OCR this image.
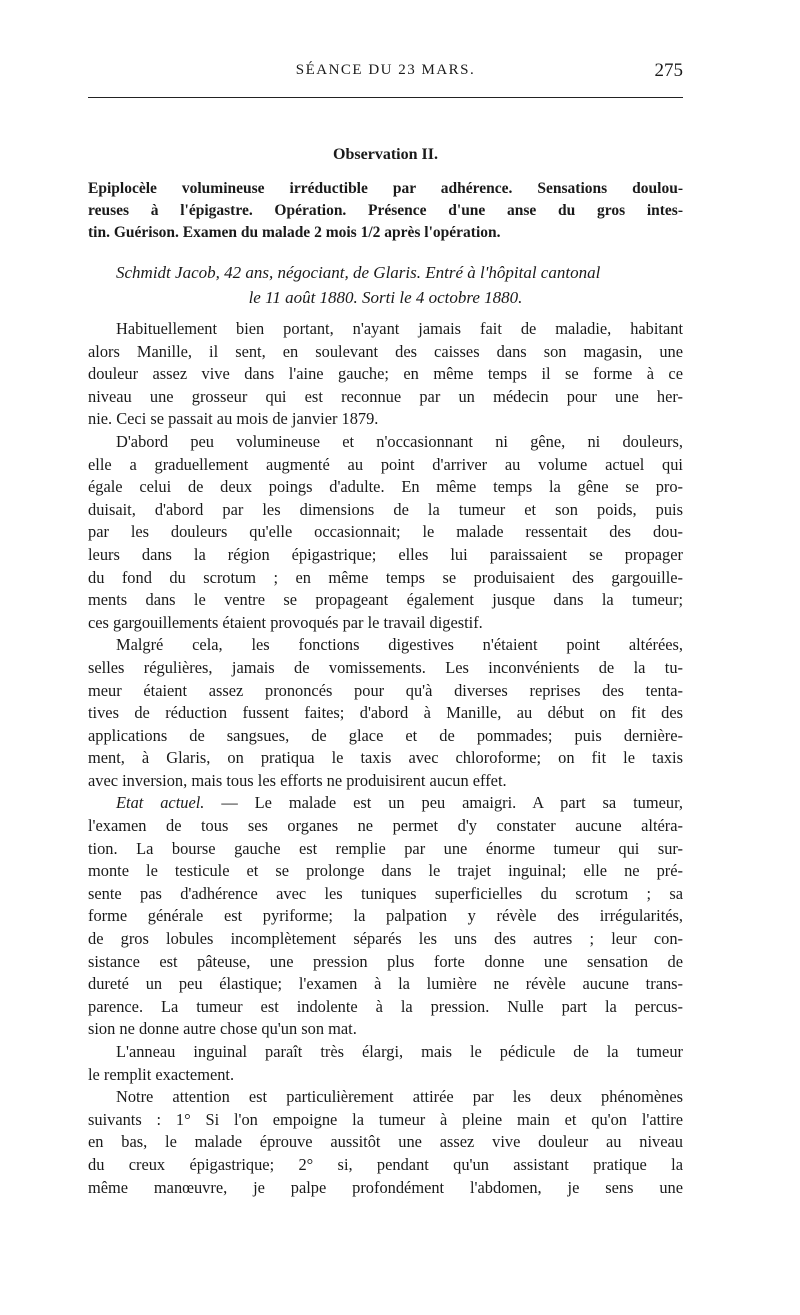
SÉANCE DU 23 MARS.	275
Observation II.
Epiplocèle volumineuse irréductible par adhérence. Sensations doulou-
reuses à l'épigastre. Opération. Présence d'une anse du gros intes-
tin. Guérison. Examen du malade 2 mois 1/2 après l'opération.
Schmidt Jacob, 42 ans, négociant, de Glaris. Entré à l'hôpital cantonal
le 11 août 1880. Sorti le 4 octobre 1880.
Habituellement bien portant, n'ayant jamais fait de maladie, habitant
alors Manille, il sent, en soulevant des caisses dans son magasin, une
douleur assez vive dans l'aine gauche; en même temps il se forme à ce
niveau une grosseur qui est reconnue par un médecin pour une her-
nie. Ceci se passait au mois de janvier 1879.
D'abord peu volumineuse et n'occasionnant ni gêne, ni douleurs,
elle a graduellement augmenté au point d'arriver au volume actuel qui
égale celui de deux poings d'adulte. En même temps la gêne se pro-
duisait, d'abord par les dimensions de la tumeur et son poids, puis
par les douleurs qu'elle occasionnait; le malade ressentait des dou-
leurs dans la région épigastrique; elles lui paraissaient se propager
du fond du scrotum ; en même temps se produisaient des gargouille-
ments dans le ventre se propageant également jusque dans la tumeur;
ces gargouillements étaient provoqués par le travail digestif.
Malgré cela, les fonctions digestives n'étaient point altérées,
selles régulières, jamais de vomissements. Les inconvénients de la tu-
meur étaient assez prononcés pour qu'à diverses reprises des tenta-
tives de réduction fussent faites; d'abord à Manille, au début on fit des
applications de sangsues, de glace et de pommades; puis dernière-
ment, à Glaris, on pratiqua le taxis avec chloroforme; on fit le taxis
avec inversion, mais tous les efforts ne produisirent aucun effet.
Etat actuel. — Le malade est un peu amaigri. A part sa tumeur,
l'examen de tous ses organes ne permet d'y constater aucune altéra-
tion. La bourse gauche est remplie par une énorme tumeur qui sur-
monte le testicule et se prolonge dans le trajet inguinal; elle ne pré-
sente pas d'adhérence avec les tuniques superficielles du scrotum ; sa
forme générale est pyriforme; la palpation y révèle des irrégularités,
de gros lobules incomplètement séparés les uns des autres ; leur con-
sistance est pâteuse, une pression plus forte donne une sensation de
dureté un peu élastique; l'examen à la lumière ne révèle aucune trans-
parence. La tumeur est indolente à la pression. Nulle part la percus-
sion ne donne autre chose qu'un son mat.
L'anneau inguinal paraît très élargi, mais le pédicule de la tumeur
le remplit exactement.
Notre attention est particulièrement attirée par les deux phénomènes
suivants : 1° Si l'on empoigne la tumeur à pleine main et qu'on l'attire
en bas, le malade éprouve aussitôt une assez vive douleur au niveau
du creux épigastrique; 2° si, pendant qu'un assistant pratique la
même manœuvre, je palpe profondément l'abdomen, je sens une
